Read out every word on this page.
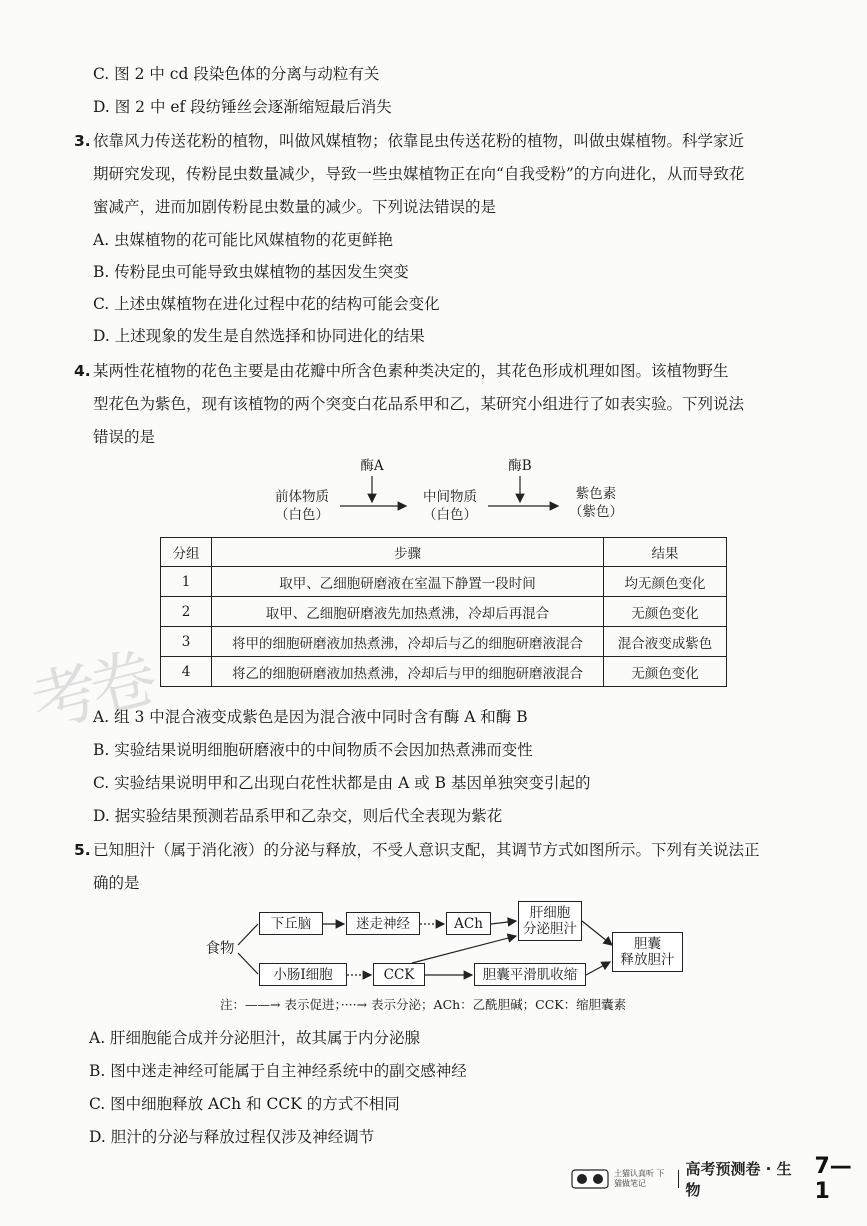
C. 图 2 中 cd 段染色体的分离与动粒有关
D. 图 2 中 ef 段纺锤丝会逐渐缩短最后消失
3. 依靠风力传送花粉的植物，叫做风媒植物；依靠昆虫传送花粉的植物，叫做虫媒植物。科学家近
期研究发现，传粉昆虫数量减少，导致一些虫媒植物正在向“自我受粉”的方向进化，从而导致花
蜜减产，进而加剧传粉昆虫数量的减少。下列说法错误的是
A. 虫媒植物的花可能比风媒植物的花更鲜艳
B. 传粉昆虫可能导致虫媒植物的基因发生突变
C. 上述虫媒植物在进化过程中花的结构可能会变化
D. 上述现象的发生是自然选择和协同进化的结果
4. 某两性花植物的花色主要是由花瓣中所含色素种类决定的，其花色形成机理如图。该植物野生
型花色为紫色，现有该植物的两个突变白花品系甲和乙，某研究小组进行了如表实验。下列说法
错误的是
酶A	酶B
前体物质
（白色）
中间物质
（白色）
紫色素
（紫色）
分组	步骤	结果
1	取甲、乙细胞研磨液在室温下静置一段时间	均无颜色变化
2	取甲、乙细胞研磨液先加热煮沸，冷却后再混合	无颜色变化
3	将甲的细胞研磨液加热煮沸，冷却后与乙的细胞研磨液混合	混合液变成紫色
4	将乙的细胞研磨液加热煮沸，冷却后与甲的细胞研磨液混合	无颜色变化
考卷
A. 组 3 中混合液变成紫色是因为混合液中同时含有酶 A 和酶 B
B. 实验结果说明细胞研磨液中的中间物质不会因加热煮沸而变性
C. 实验结果说明甲和乙出现白花性状都是由 A 或 B 基因单独突变引起的
D. 据实验结果预测若品系甲和乙杂交，则后代全表现为紫花
5. 已知胆汁（属于消化液）的分泌与释放，不受人意识支配，其调节方式如图所示。下列有关说法正
确的是
食物
下丘脑	迷走神经	ACh
肝细胞
分泌胆汁
胆囊
释放胆汁
小肠Ⅰ细胞	CCK	胆囊平滑肌收缩
注：——→ 表示促进；····→ 表示分泌；ACh：乙酰胆碱；CCK：缩胆囊素
A. 肝细胞能合成并分泌胆汁，故其属于内分泌腺
B. 图中迷走神经可能属于自主神经系统中的副交感神经
C. 图中细胞释放 ACh 和 CCK 的方式不相同
D. 胆汁的分泌与释放过程仅涉及神经调节
土猫认真听 下猫做笔记
高考预测卷 · 生物
7—1
